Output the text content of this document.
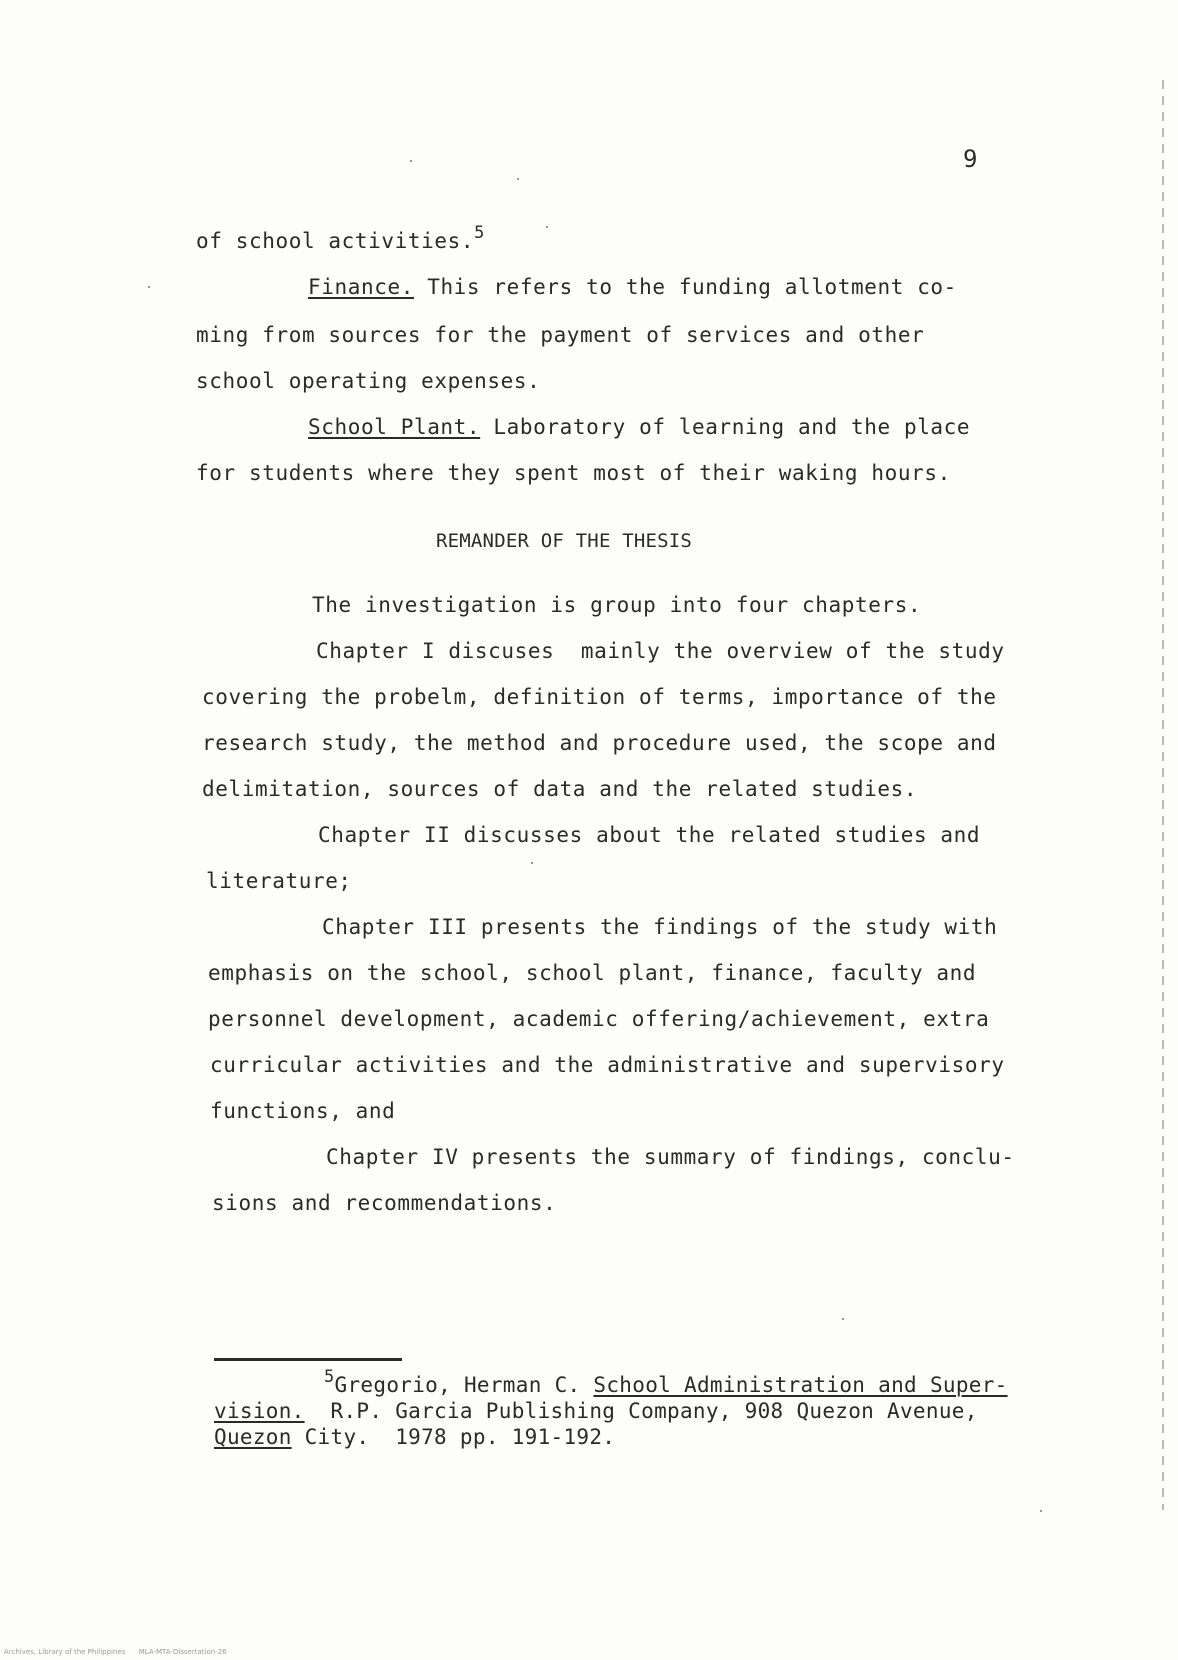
9
of school activities.$^5$
Finance. This refers to the funding allotment co-
ming from sources for the payment of services and other
school operating expenses.
School Plant. Laboratory of learning and the place
for students where they spent most of their waking hours.
REMANDER OF THE THESIS
The investigation is group into four chapters.
Chapter I discuses  mainly the overview of the study
covering the probelm, definition of terms, importance of the
research study, the method and procedure used, the scope and
delimitation, sources of data and the related studies.
Chapter II discusses about the related studies and
literature;
Chapter III presents the findings of the study with
emphasis on the school, school plant, finance, faculty and
personnel development, academic offering/achievement, extra
curricular activities and the administrative and supervisory
functions, and
Chapter IV presents the summary of findings, conclu-
sions and recommendations.
$^5$Gregorio, Herman C. School Administration and Super-
vision.  R.P. Garcia Publishing Company, 908 Quezon Avenue,
Quezon City.  1978 pp. 191-192.
Archives, Library of the Philippines      MLA-MTA-Dissertation-26
